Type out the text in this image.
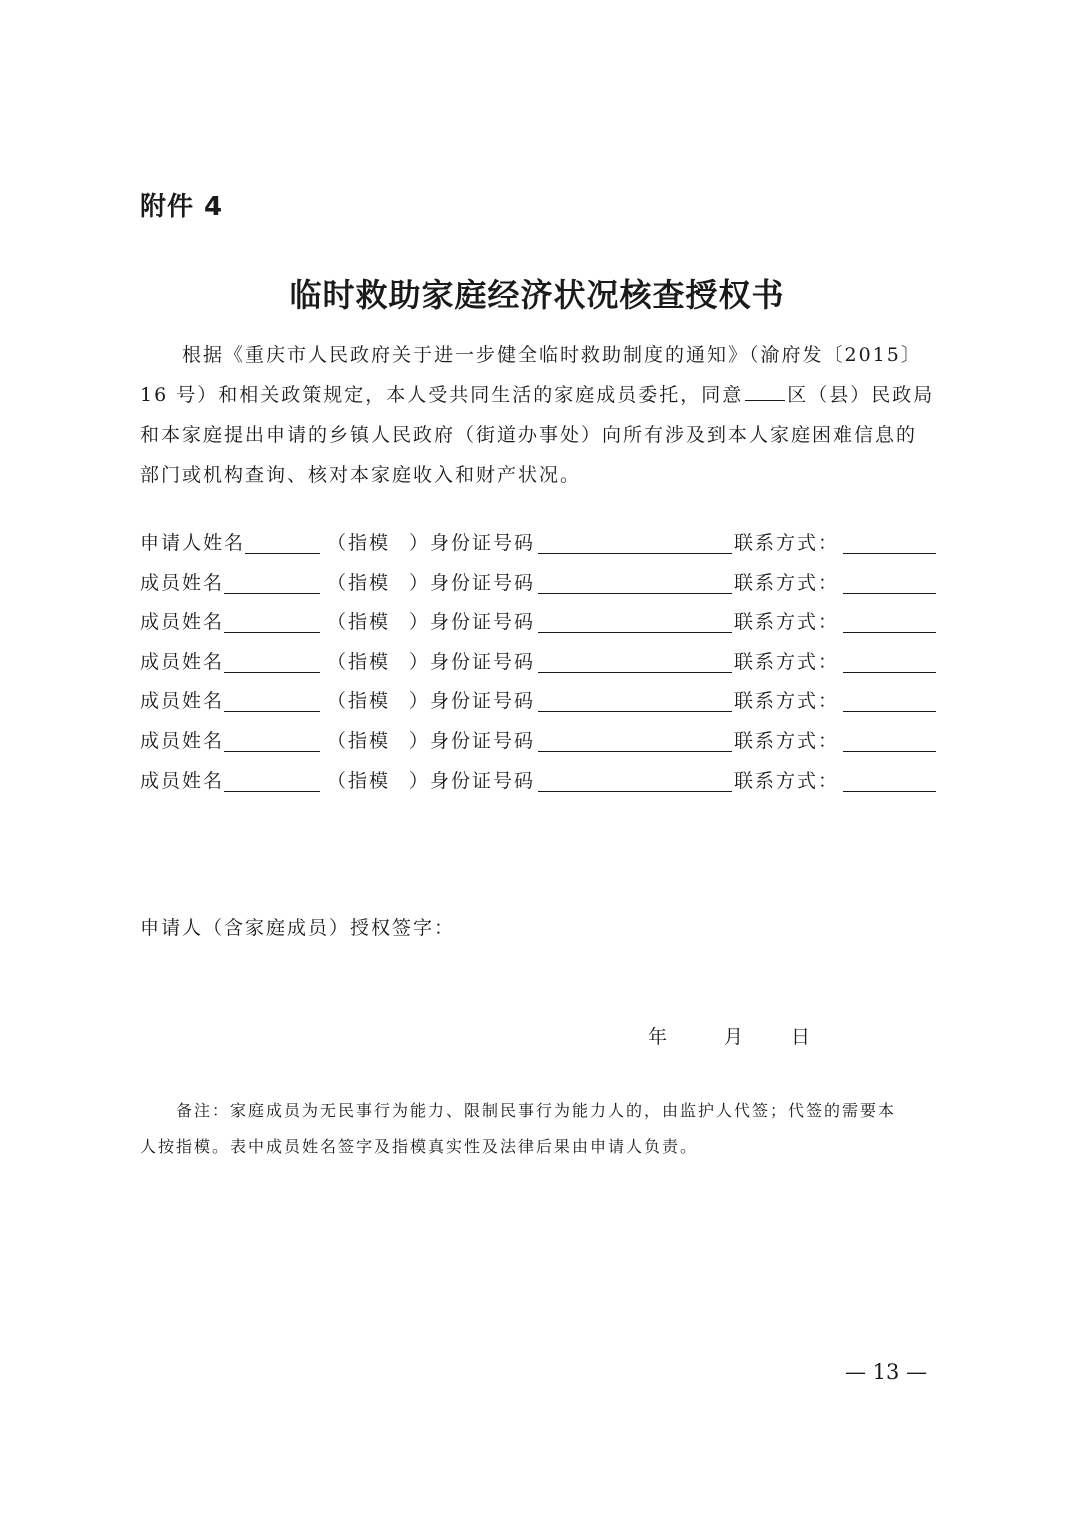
附件 4
临时救助家庭经济状况核查授权书
根据《重庆市人民政府关于进一步健全临时救助制度的通知》（渝府发〔2015〕
16 号）和相关政策规定，本人受共同生活的家庭成员委托，同意 区（县）民政局
和本家庭提出申请的乡镇人民政府（街道办事处）向所有涉及到本人家庭困难信息的
部门或机构查询、核对本家庭收入和财产状况。
申请人姓名	（指模 ） 身份证号码	联系方式：
成员姓名	（指模 ） 身份证号码	联系方式：
成员姓名	（指模 ） 身份证号码	联系方式：
成员姓名	（指模 ） 身份证号码	联系方式：
成员姓名	（指模 ） 身份证号码	联系方式：
成员姓名	（指模 ） 身份证号码	联系方式：
成员姓名	（指模 ） 身份证号码	联系方式：
申请人（含家庭成员）授权签字：
年	月	日
备注：家庭成员为无民事行为能力、限制民事行为能力人的，由监护人代签；代签的需要本
人按指模。表中成员姓名签字及指模真实性及法律后果由申请人负责。
— 13 —
